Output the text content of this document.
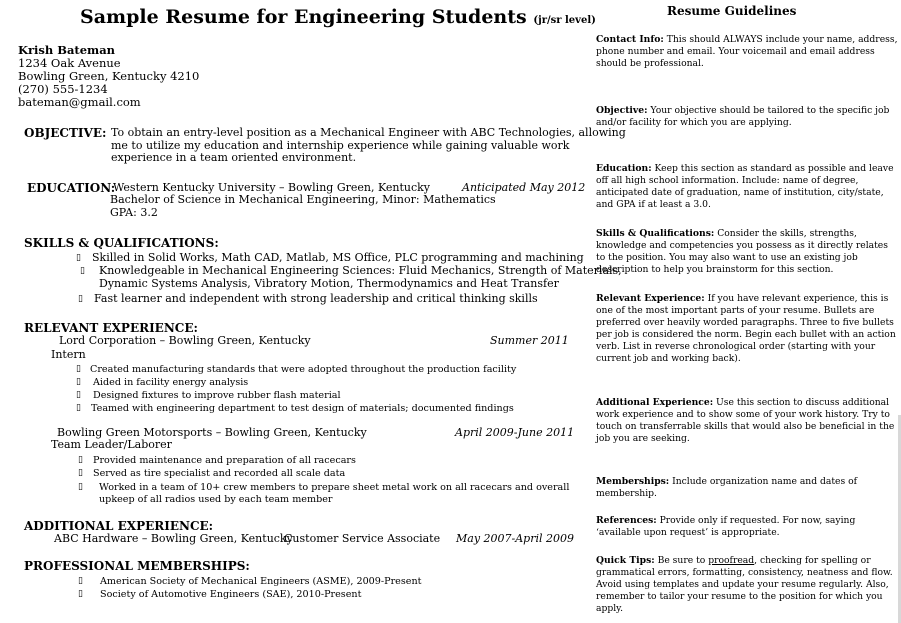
Sample Resume for Engineering Students (jr/sr level)
Krish Bateman
1234 Oak Avenue
Bowling Green, Kentucky 4210
(270) 555-1234
bateman@gmail.com
OBJECTIVE: To obtain an entry-level position as a Mechanical Engineer with ABC Technologies, allowing
me to utilize my education and internship experience while gaining valuable work
experience in a team oriented environment.
EDUCATION:
Western Kentucky University – Bowling Green, Kentucky	Anticipated May 2012
Bachelor of Science in Mechanical Engineering, Minor: Mathematics
GPA: 3.2
SKILLS & QUALIFICATIONS:
▯ Skilled in Solid Works, Math CAD, Matlab, MS Office, PLC programming and machining
▯ Knowledgeable in Mechanical Engineering Sciences: Fluid Mechanics, Strength of Materials,
Dynamic Systems Analysis, Vibratory Motion, Thermodynamics and Heat Transfer
▯ Fast learner and independent with strong leadership and critical thinking skills
RELEVANT EXPERIENCE:
Lord Corporation – Bowling Green, Kentucky	Summer 2011
Intern
▯ Created manufacturing standards that were adopted throughout the production facility
▯ Aided in facility energy analysis
▯ Designed fixtures to improve rubber flash material
▯ Teamed with engineering department to test design of materials; documented findings
Bowling Green Motorsports – Bowling Green, Kentucky	April 2009-June 2011
Team Leader/Laborer
▯ Provided maintenance and preparation of all racecars
▯ Served as tire specialist and recorded all scale data
▯ Worked in a team of 10+ crew members to prepare sheet metal work on all racecars and overall
upkeep of all radios used by each team member
ADDITIONAL EXPERIENCE:
ABC Hardware – Bowling Green, Kentucky
Customer Service Associate May 2007-April 2009
PROFESSIONAL MEMBERSHIPS:
▯ American Society of Mechanical Engineers (ASME), 2009-Present
▯ Society of Automotive Engineers (SAE), 2010-Present
Resume Guidelines
Contact Info: This should ALWAYS include your name, address, phone number and email. Your voicemail and email address should be professional.
Objective: Your objective should be tailored to the specific job and/or facility for which you are applying.
Education: Keep this section as standard as possible and leave off all high school information. Include: name of degree, anticipated date of graduation, name of institution, city/state, and GPA if at least a 3.0.
Skills & Qualifications: Consider the skills, strengths, knowledge and competencies you possess as it directly relates to the position. You may also want to use an existing job description to help you brainstorm for this section.
Relevant Experience: If you have relevant experience, this is one of the most important parts of your resume. Bullets are preferred over heavily worded paragraphs. Three to five bullets per job is considered the norm. Begin each bullet with an action verb. List in reverse chronological order (starting with your current job and working back).
Additional Experience: Use this section to discuss additional work experience and to show some of your work history. Try to touch on transferrable skills that would also be beneficial in the job you are seeking.
Memberships: Include organization name and dates of membership.
References: Provide only if requested. For now, saying ‘available upon request’ is appropriate.
Quick Tips: Be sure to proofread, checking for spelling or grammatical errors, formatting, consistency, neatness and flow. Avoid using templates and update your resume regularly. Also, remember to tailor your resume to the position for which you apply.
